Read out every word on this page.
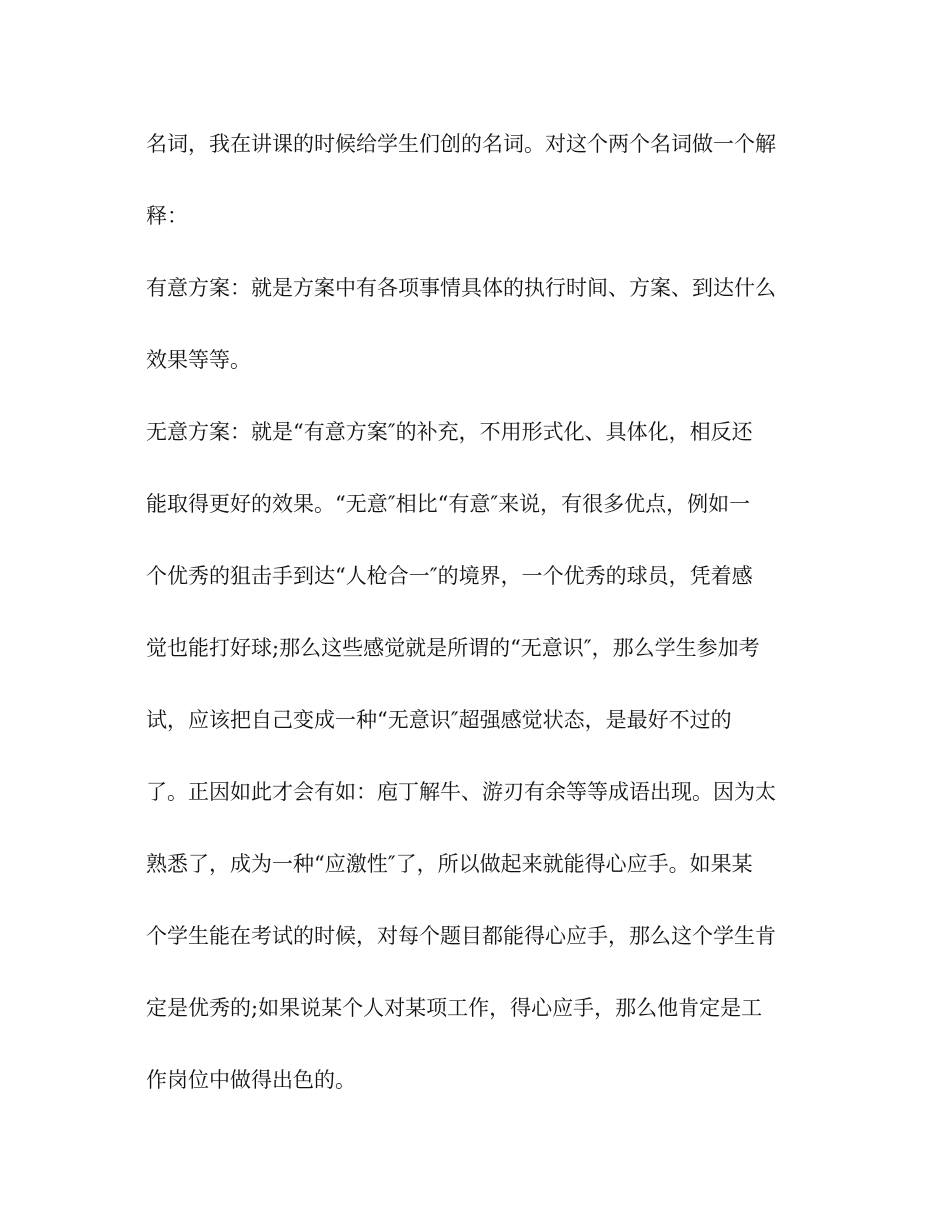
名词，我在讲课的时候给学生们创的名词。对这个两个名词做一个解
释：
有意方案：就是方案中有各项事情具体的执行时间、方案、到达什么
效果等等。
无意方案：就是“有意方案″的补充，不用形式化、具体化，相反还
能取得更好的效果。“无意″相比“有意″来说，有很多优点，例如一
个优秀的狙击手到达“人枪合一″的境界，一个优秀的球员，凭着感
觉也能打好球;那么这些感觉就是所谓的“无意识″，那么学生参加考
试，应该把自己变成一种“无意识″超强感觉状态，是最好不过的
了。正因如此才会有如：庖丁解牛、游刃有余等等成语出现。因为太
熟悉了，成为一种“应激性″了，所以做起来就能得心应手。如果某
个学生能在考试的时候，对每个题目都能得心应手，那么这个学生肯
定是优秀的;如果说某个人对某项工作，得心应手，那么他肯定是工
作岗位中做得出色的。
